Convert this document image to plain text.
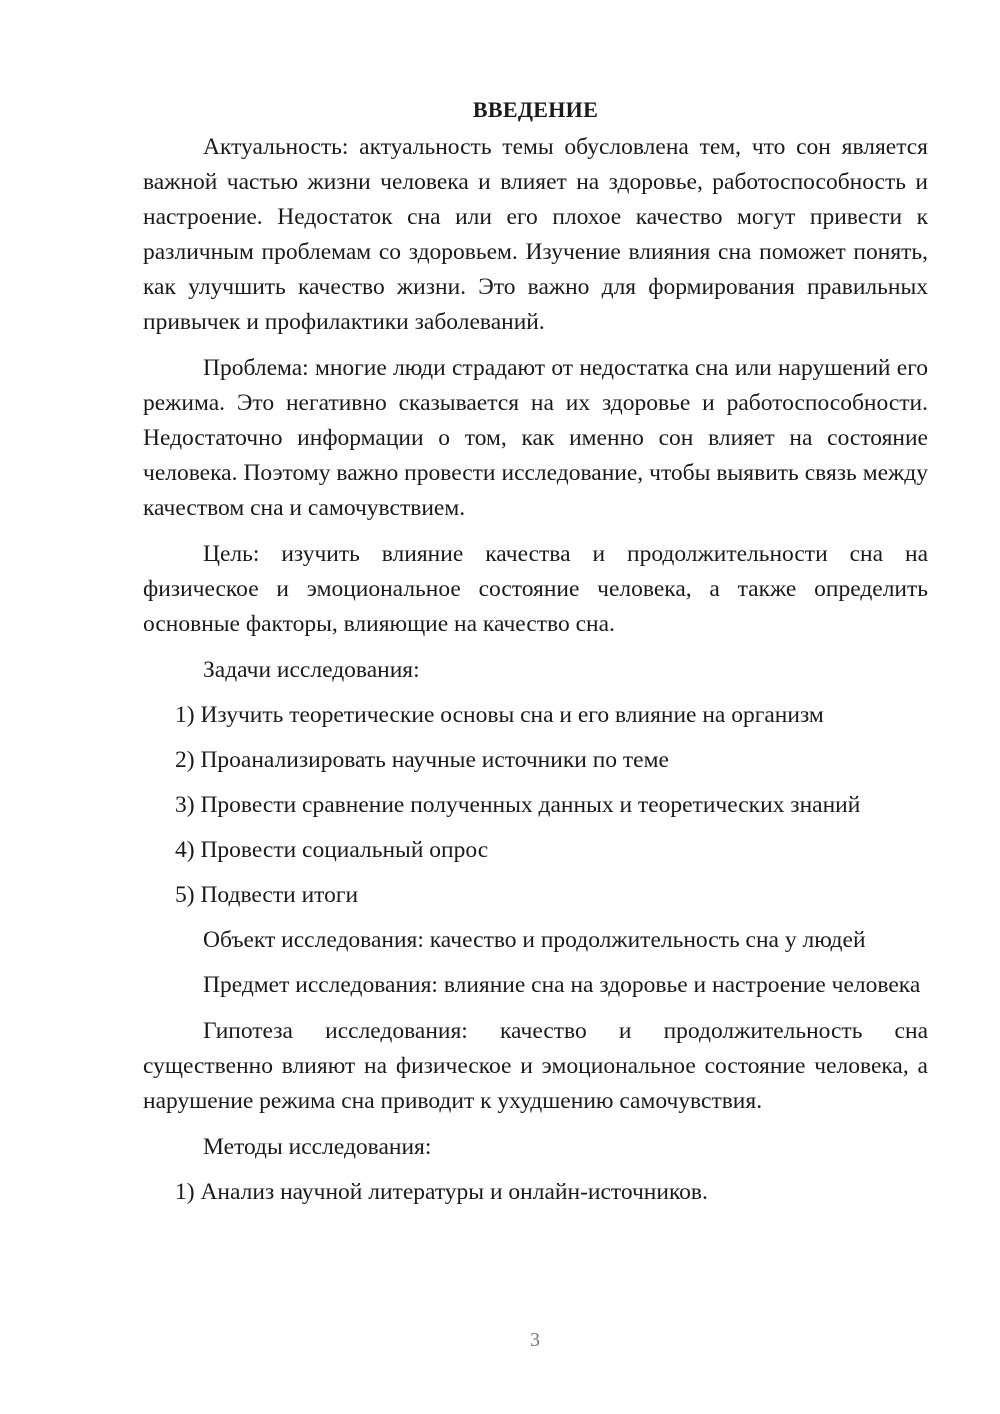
ВВЕДЕНИЕ

Актуальность: актуальность темы обусловлена тем, что сон является важной частью жизни человека и влияет на здоровье, работоспособность и настроение. Недостаток сна или его плохое качество могут привести к различным проблемам со здоровьем. Изучение влияния сна поможет понять, как улучшить качество жизни. Это важно для формирования правильных привычек и профилактики заболеваний.

Проблема: многие люди страдают от недостатка сна или нарушений его режима. Это негативно сказывается на их здоровье и работоспособности. Недостаточно информации о том, как именно сон влияет на состояние человека. Поэтому важно провести исследование, чтобы выявить связь между качеством сна и самочувствием.

Цель: изучить влияние качества и продолжительности сна на физическое и эмоциональное состояние человека, а также определить основные факторы, влияющие на качество сна.

Задачи исследования:

1) Изучить теоретические основы сна и его влияние на организм

2) Проанализировать научные источники по теме

3) Провести сравнение полученных данных и теоретических знаний

4) Провести социальный опрос

5) Подвести итоги

Объект исследования: качество и продолжительность сна у людей

Предмет исследования: влияние сна на здоровье и настроение человека

Гипотеза исследования: качество и продолжительность сна существенно влияют на физическое и эмоциональное состояние человека, а нарушение режима сна приводит к ухудшению самочувствия.

Методы исследования:

1) Анализ научной литературы и онлайн-источников.

3
